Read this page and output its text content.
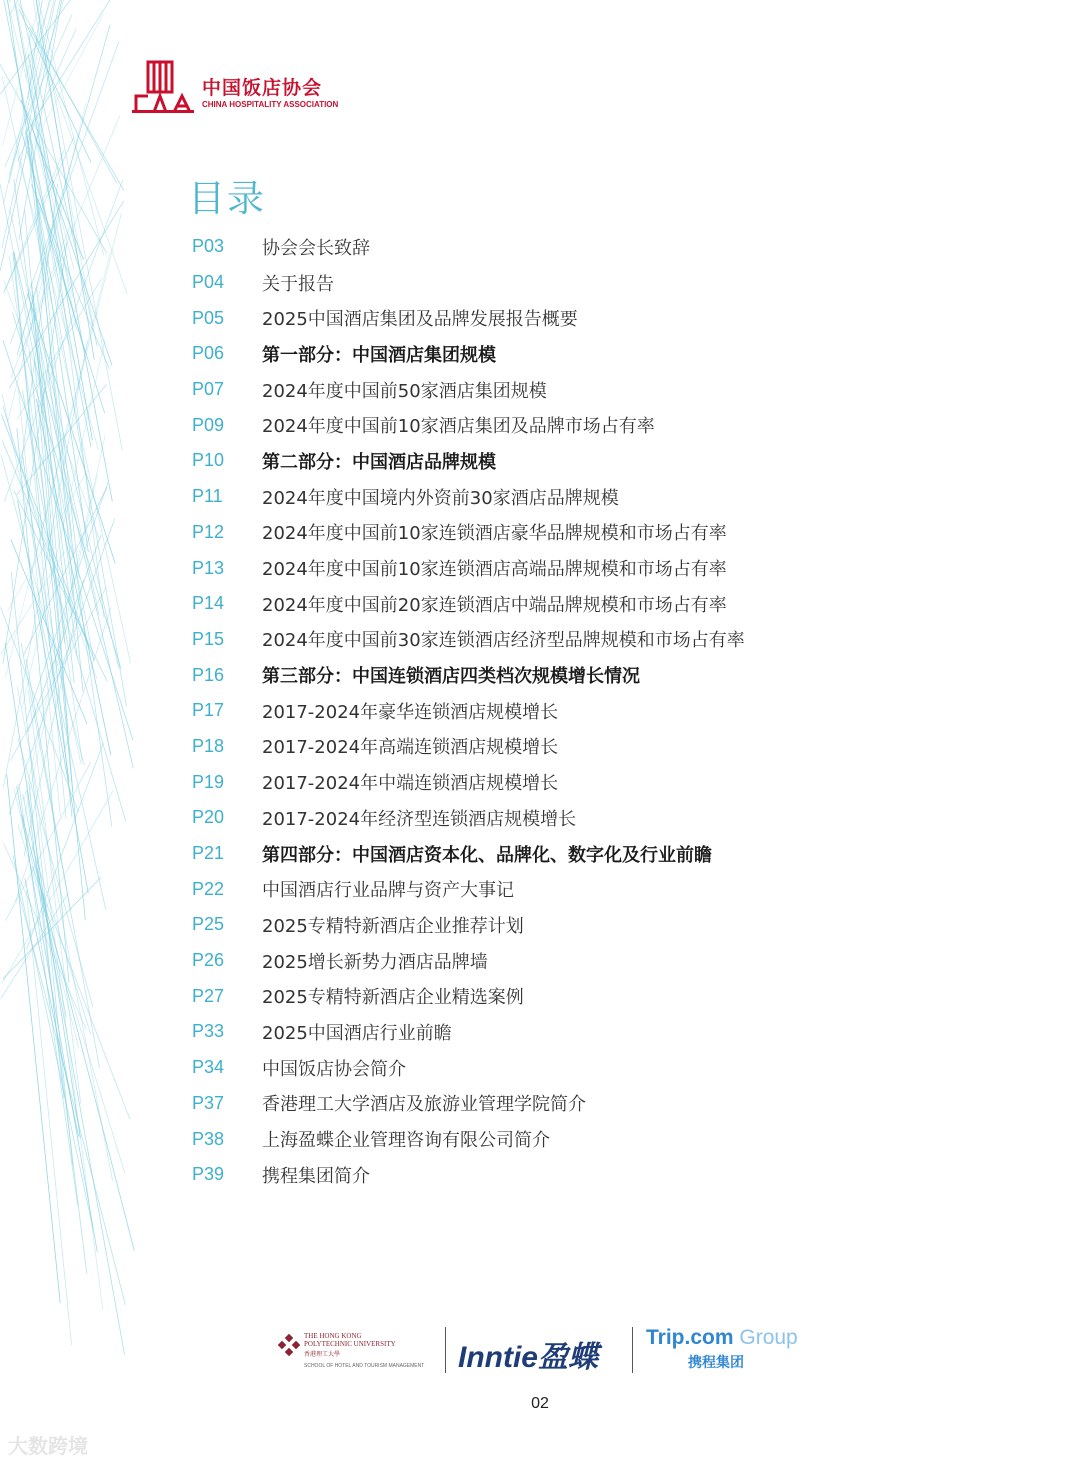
中国饭店协会
CHINA HOSPITALITY ASSOCIATION
目录
P03	协会会长致辞
P04	关于报告
P05	2025中国酒店集团及品牌发展报告概要
P06	第一部分：中国酒店集团规模
P07	2024年度中国前50家酒店集团规模
P09	2024年度中国前10家酒店集团及品牌市场占有率
P10	第二部分：中国酒店品牌规模
P11	2024年度中国境内外资前30家酒店品牌规模
P12	2024年度中国前10家连锁酒店豪华品牌规模和市场占有率
P13	2024年度中国前10家连锁酒店高端品牌规模和市场占有率
P14	2024年度中国前20家连锁酒店中端品牌规模和市场占有率
P15	2024年度中国前30家连锁酒店经济型品牌规模和市场占有率
P16	第三部分：中国连锁酒店四类档次规模增长情况
P17	2017-2024年豪华连锁酒店规模增长
P18	2017-2024年高端连锁酒店规模增长
P19	2017-2024年中端连锁酒店规模增长
P20	2017-2024年经济型连锁酒店规模增长
P21	第四部分：中国酒店资本化、品牌化、数字化及行业前瞻
P22	中国酒店行业品牌与资产大事记
P25	2025专精特新酒店企业推荐计划
P26	2025增长新势力酒店品牌墙
P27	2025专精特新酒店企业精选案例
P33	2025中国酒店行业前瞻
P34	中国饭店协会简介
P37	香港理工大学酒店及旅游业管理学院简介
P38	上海盈蝶企业管理咨询有限公司简介
P39	携程集团简介
THE HONG KONG POLYTECHNIC UNIVERSITY
香港理工大學
SCHOOL OF HOTEL AND TOURISM MANAGEMENT Inntie盈蝶
Trip.com Group
携程集团
02
大数跨境
